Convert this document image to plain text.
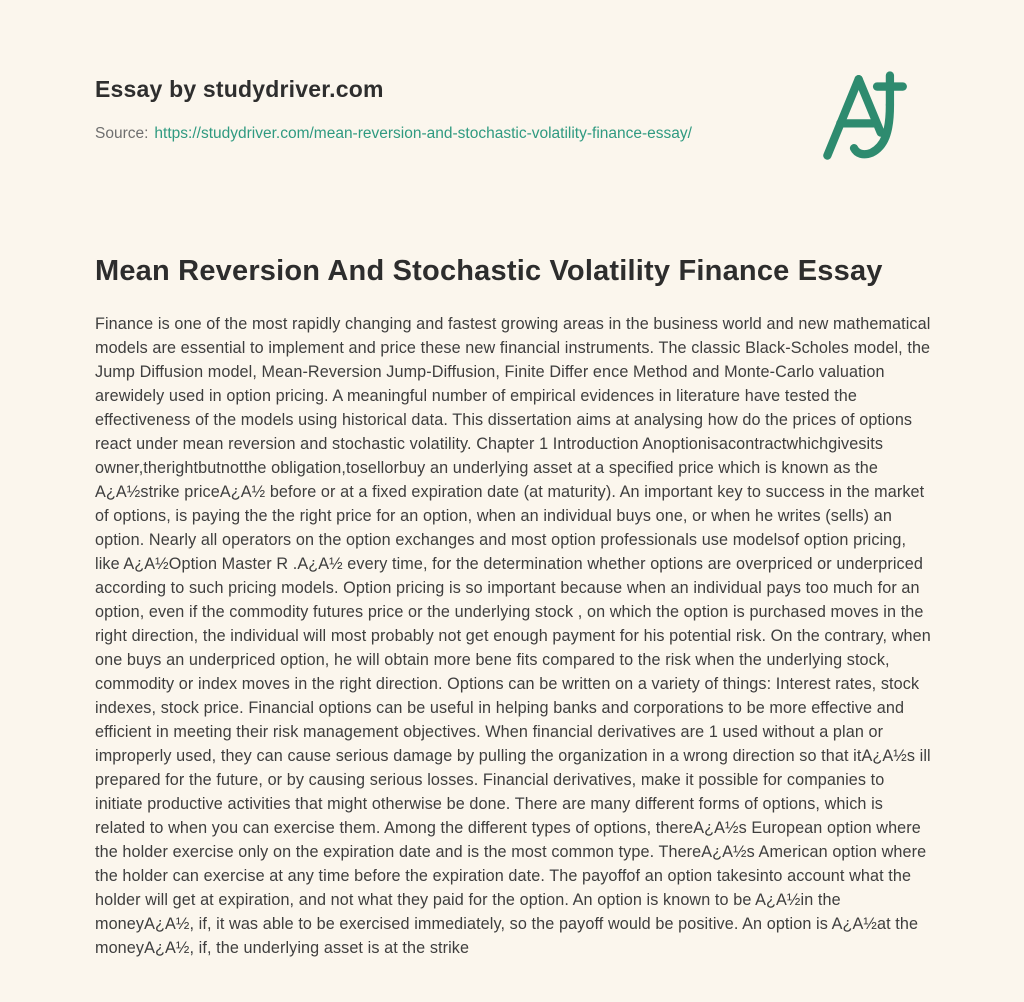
Essay by studydriver.com
Source: https://studydriver.com/mean-reversion-and-stochastic-volatility-finance-essay/
Mean Reversion And Stochastic Volatility Finance Essay
Finance is one of the most rapidly changing and fastest growing areas in the business world and new mathematical models are essential to implement and price these new financial instruments. The classic Black-Scholes model, the Jump Diffusion model, Mean-Reversion Jump-Diffusion, Finite Differ ence Method and Monte-Carlo valuation arewidely used in option pricing. A meaningful number of empirical evidences in literature have tested the effectiveness of the models using historical data. This dissertation aims at analysing how do the prices of options react under mean reversion and stochastic volatility. Chapter 1 Introduction Anoptionisacontractwhichgivesits owner,therightbutnotthe obligation,tosellorbuy an underlying asset at a specified price which is known as the A¿A½strike priceA¿A½ before or at a fixed expiration date (at maturity). An important key to success in the market of options, is paying the the right price for an option, when an individual buys one, or when he writes (sells) an option. Nearly all operators on the option exchanges and most option professionals use modelsof option pricing, like A¿A½Option Master R .A¿A½ every time, for the determination whether options are overpriced or underpriced according to such pricing models. Option pricing is so important because when an individual pays too much for an option, even if the commodity futures price or the underlying stock , on which the option is purchased moves in the right direction, the individual will most probably not get enough payment for his potential risk. On the contrary, when one buys an underpriced option, he will obtain more bene fits compared to the risk when the underlying stock, commodity or index moves in the right direction. Options can be written on a variety of things: Interest rates, stock indexes, stock price. Financial options can be useful in helping banks and corporations to be more effective and efficient in meeting their risk management objectives. When financial derivatives are 1 used without a plan or improperly used, they can cause serious damage by pulling the organization in a wrong direction so that itA¿A½s ill prepared for the future, or by causing serious losses. Financial derivatives, make it possible for companies to initiate productive activities that might otherwise be done. There are many different forms of options, which is related to when you can exercise them. Among the different types of options, thereA¿A½s European option where the holder exercise only on the expiration date and is the most common type. ThereA¿A½s American option where the holder can exercise at any time before the expiration date. The payoffof an option takesinto account what the holder will get at expiration, and not what they paid for the option. An option is known to be A¿A½in the moneyA¿A½, if, it was able to be exercised immediately, so the payoff would be positive. An option is A¿A½at the moneyA¿A½, if, the underlying asset is at the strike
